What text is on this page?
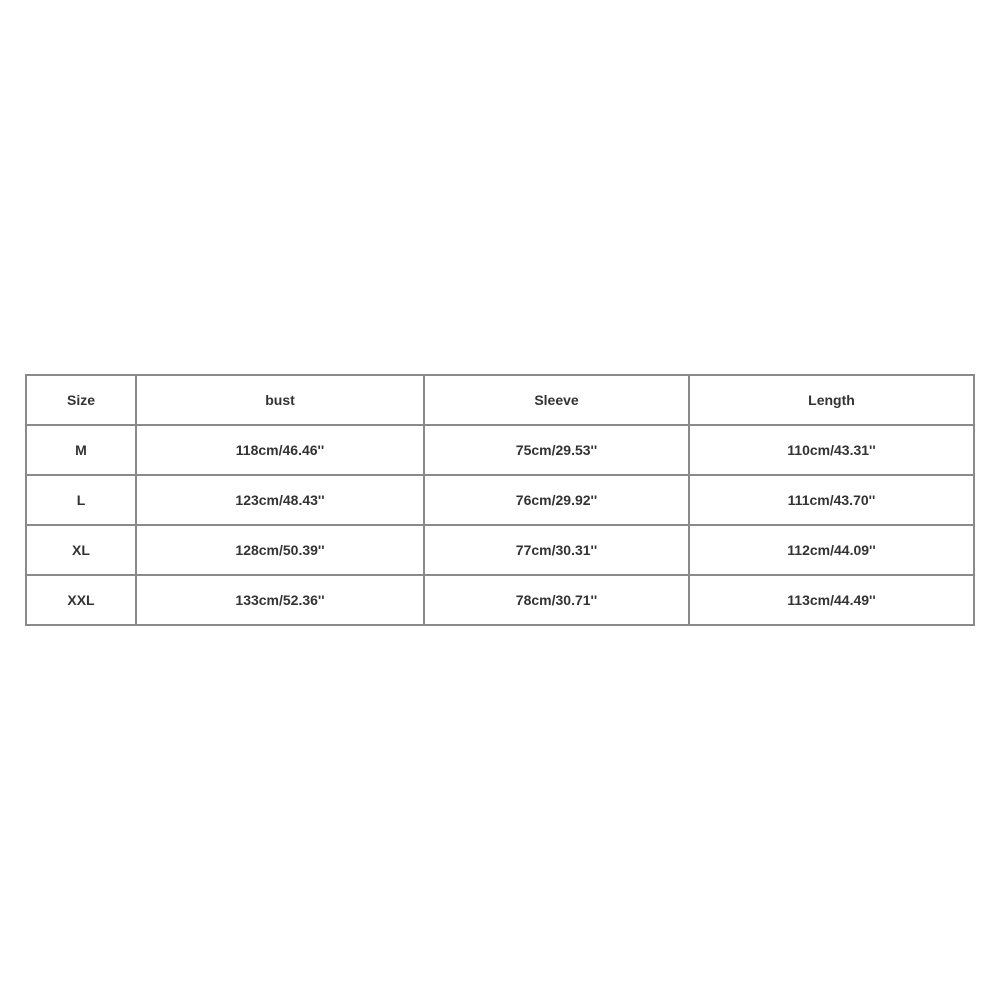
Size	bust	Sleeve	Length
M	118cm/46.46''	75cm/29.53''	110cm/43.31''
L	123cm/48.43''	76cm/29.92''	111cm/43.70''
XL	128cm/50.39''	77cm/30.31''	112cm/44.09''
XXL	133cm/52.36''	78cm/30.71''	113cm/44.49''
